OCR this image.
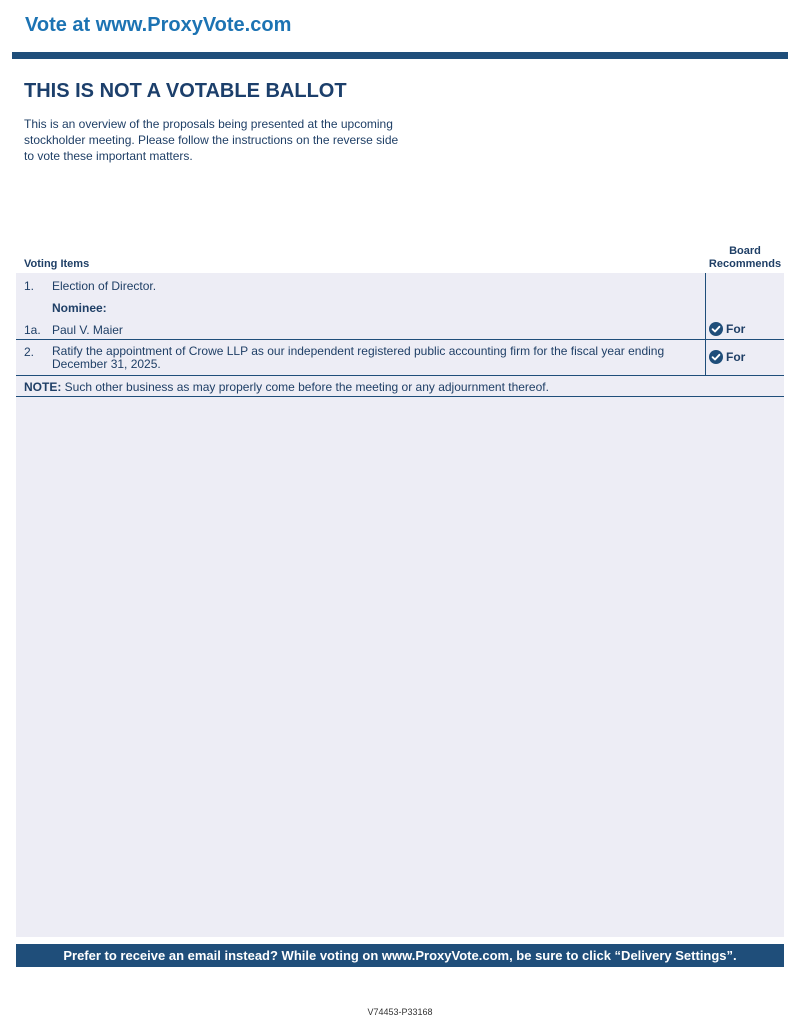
Vote at www.ProxyVote.com
THIS IS NOT A VOTABLE BALLOT
This is an overview of the proposals being presented at the upcoming stockholder meeting. Please follow the instructions on the reverse side to vote these important matters.
Voting Items
Board
Recommends
1. Election of Director.
Nominee:
1a. Paul V. Maier	For
2. Ratify the appointment of Crowe LLP as our independent registered public accounting firm for the fiscal year ending December 31, 2025.	For
NOTE: Such other business as may properly come before the meeting or any adjournment thereof.
Prefer to receive an email instead? While voting on www.ProxyVote.com, be sure to click “Delivery Settings”.
V74453-P33168
